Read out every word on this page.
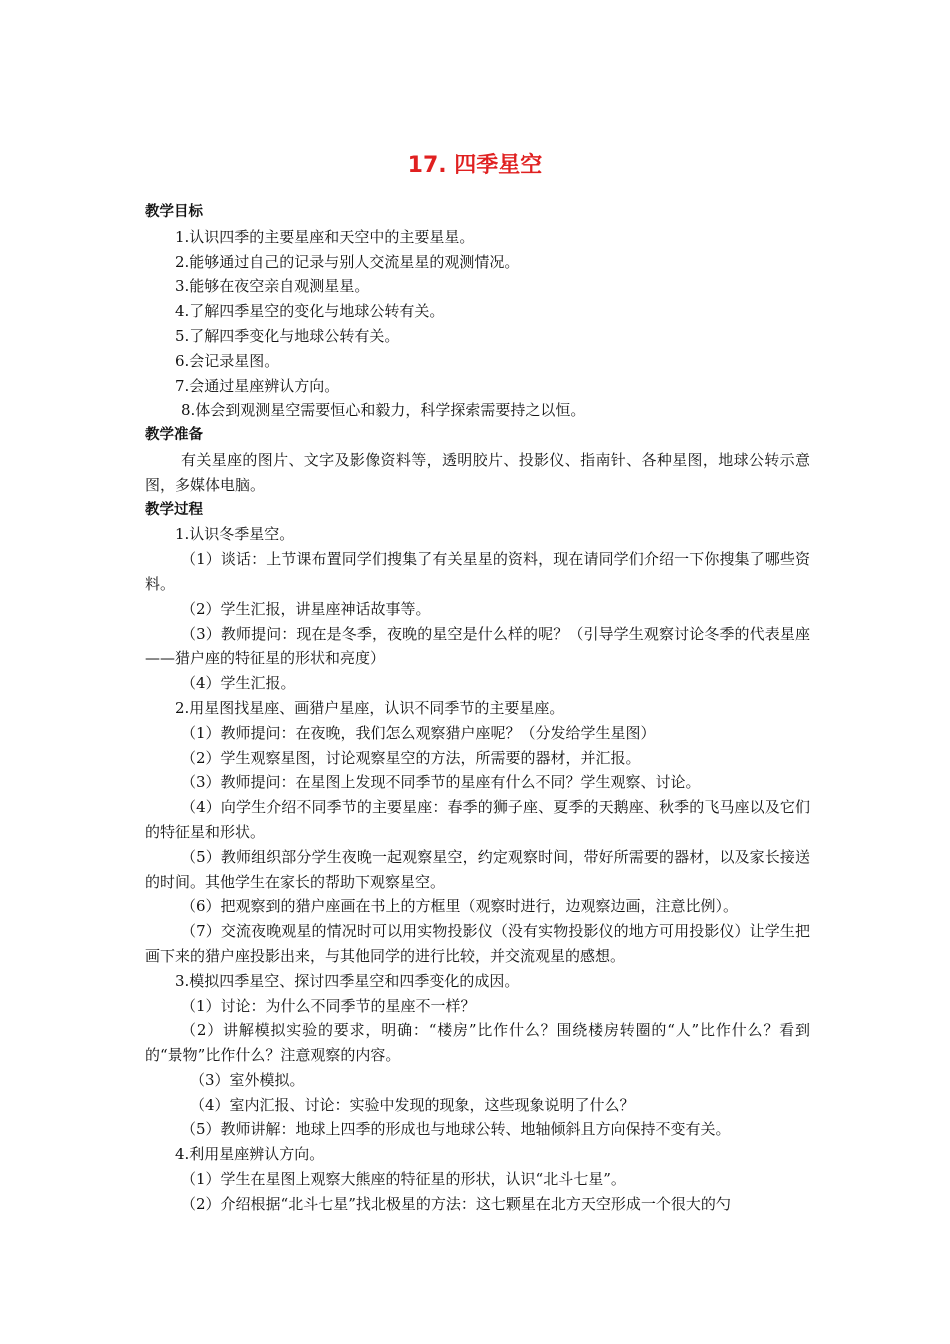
17. 四季星空
教学目标

1.认识四季的主要星座和天空中的主要星星。

2.能够通过自己的记录与别人交流星星的观测情况。

3.能够在夜空亲自观测星星。

4.了解四季星空的变化与地球公转有关。

5.了解四季变化与地球公转有关。

6.会记录星图。

7.会通过星座辨认方向。

8.体会到观测星空需要恒心和毅力，科学探索需要持之以恒。

教学准备

有关星座的图片、文字及影像资料等，透明胶片、投影仪、指南针、各种星图，地球公转示意图，多媒体电脑。

教学过程

1.认识冬季星空。

（1）谈话：上节课布置同学们搜集了有关星星的资料，现在请同学们介绍一下你搜集了哪些资料。

（2）学生汇报，讲星座神话故事等。

（3）教师提问：现在是冬季，夜晚的星空是什么样的呢？（引导学生观察讨论冬季的代表星座——猎户座的特征星的形状和亮度）

（4）学生汇报。

2.用星图找星座、画猎户星座，认识不同季节的主要星座。

（1）教师提问：在夜晚，我们怎么观察猎户座呢？（分发给学生星图）

（2）学生观察星图，讨论观察星空的方法，所需要的器材，并汇报。

（3）教师提问：在星图上发现不同季节的星座有什么不同？学生观察、讨论。

（4）向学生介绍不同季节的主要星座：春季的狮子座、夏季的天鹅座、秋季的飞马座以及它们的特征星和形状。

（5）教师组织部分学生夜晚一起观察星空，约定观察时间，带好所需要的器材，以及家长接送的时间。其他学生在家长的帮助下观察星空。

（6）把观察到的猎户座画在书上的方框里（观察时进行，边观察边画，注意比例）。

（7）交流夜晚观星的情况时可以用实物投影仪（没有实物投影仪的地方可用投影仪）让学生把画下来的猎户座投影出来，与其他同学的进行比较，并交流观星的感想。

3.模拟四季星空、探讨四季星空和四季变化的成因。

（1）讨论：为什么不同季节的星座不一样？

（2）讲解模拟实验的要求，明确：“楼房”比作什么？围绕楼房转圈的“人”比作什么？看到的“景物”比作什么？注意观察的内容。

（3）室外模拟。

（4）室内汇报、讨论：实验中发现的现象，这些现象说明了什么？

（5）教师讲解：地球上四季的形成也与地球公转、地轴倾斜且方向保持不变有关。

4.利用星座辨认方向。

（1）学生在星图上观察大熊座的特征星的形状，认识“北斗七星”。

（2）介绍根据“北斗七星”找北极星的方法：这七颗星在北方天空形成一个很大的勺
